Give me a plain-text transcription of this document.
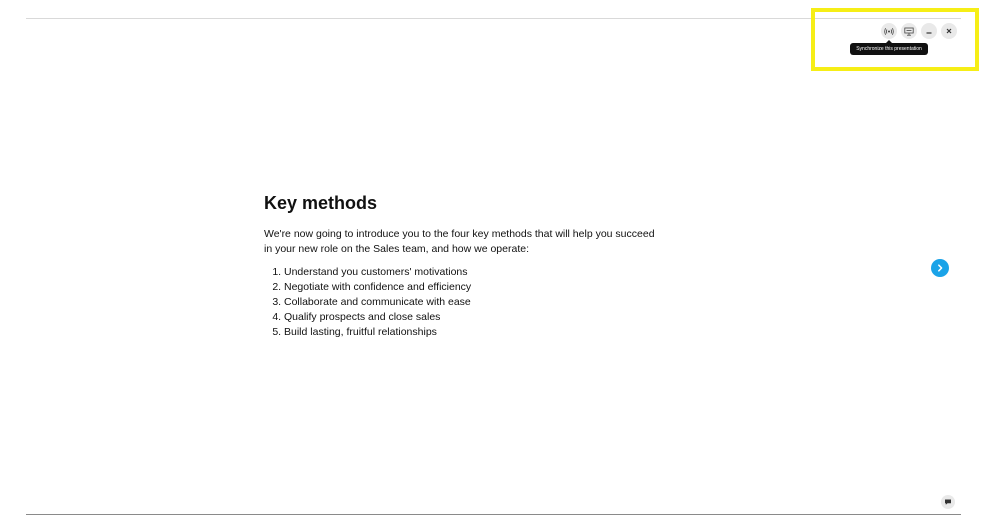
Synchronize this presentation
Key methods

We're now going to introduce you to the four key methods that will help you succeed in your new role on the Sales team, and how we operate:

1. Understand you customers' motivations
2. Negotiate with confidence and efficiency
3. Collaborate and communicate with ease
4. Qualify prospects and close sales
5. Build lasting, fruitful relationships
